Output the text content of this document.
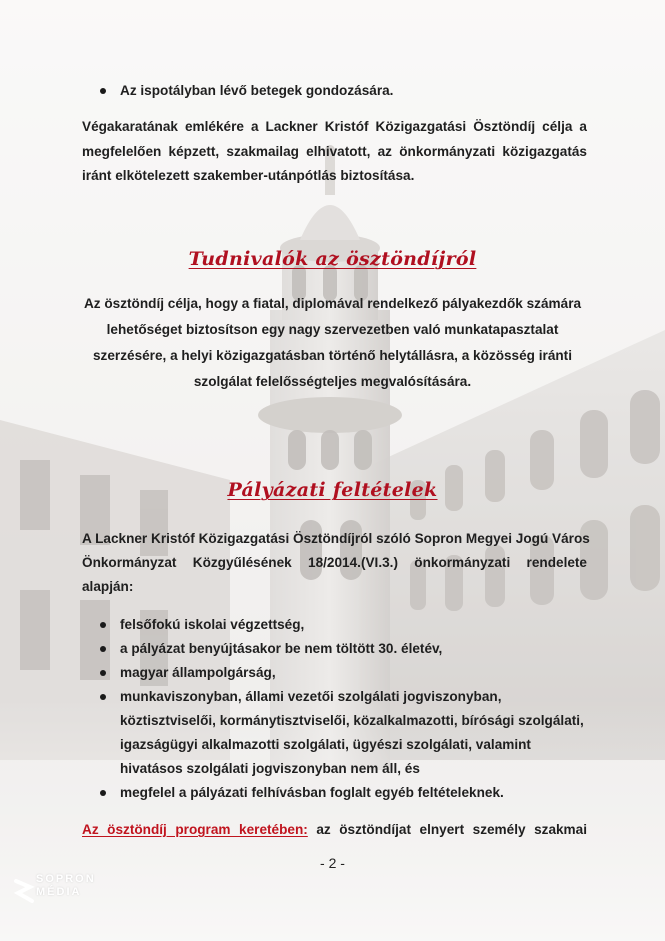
Az ispotályban lévő betegek gondozására.
Végakaratának emlékére a Lackner Kristóf Közigazgatási Ösztöndíj célja a
megfelelően képzett, szakmailag elhivatott, az önkormányzati közigazgatás
iránt elkötelezett szakember-utánpótlás biztosítása.
Tudnivalók az ösztöndíjról
Az ösztöndíj célja, hogy a fiatal, diplomával rendelkező pályakezdők számára
lehetőséget biztosítson egy nagy szervezetben való munkatapasztalat
szerzésére, a helyi közigazgatásban történő helytállásra, a közösség iránti
szolgálat felelősségteljes megvalósítására.
Pályázati feltételek
A Lackner Kristóf Közigazgatási Ösztöndíjról szóló Sopron Megyei Jogú Város
Önkormányzat Közgyűlésének 18/2014.(VI.3.) önkormányzati rendelete
alapján:
felsőfokú iskolai végzettség,
a pályázat benyújtásakor be nem töltött 30. életév,
magyar állampolgárság,
munkaviszonyban, állami vezetői szolgálati jogviszonyban,
köztisztviselői, kormánytisztviselői, közalkalmazotti, bírósági szolgálati,
igazságügyi alkalmazotti szolgálati, ügyészi szolgálati, valamint
hivatásos szolgálati jogviszonyban nem áll, és
megfelel a pályázati felhívásban foglalt egyéb feltételeknek.
Az ösztöndíj program keretében: az ösztöndíjat elnyert személy szakmai
- 2 -
SOPRON
MÉDIA
